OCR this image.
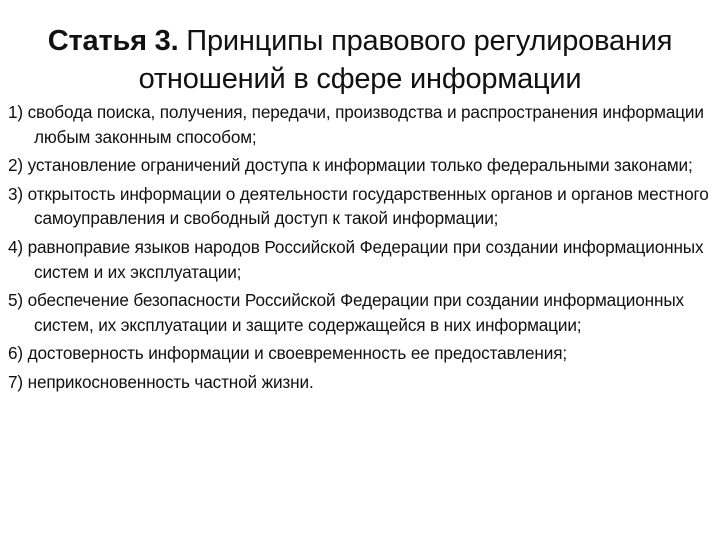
Статья 3. Принципы правового регулирования отношений в сфере информации
1) свобода поиска, получения, передачи, производства и распространения информации любым законным способом;
2) установление ограничений доступа к информации только федеральными законами;
3) открытость информации о деятельности государственных органов и органов местного самоуправления и свободный доступ к такой информации;
4) равноправие языков народов Российской Федерации при создании информационных систем и их эксплуатации;
5) обеспечение безопасности Российской Федерации при создании информационных систем, их эксплуатации и защите содержащейся в них информации;
6) достоверность информации и своевременность ее предоставления;
7) неприкосновенность частной жизни.
